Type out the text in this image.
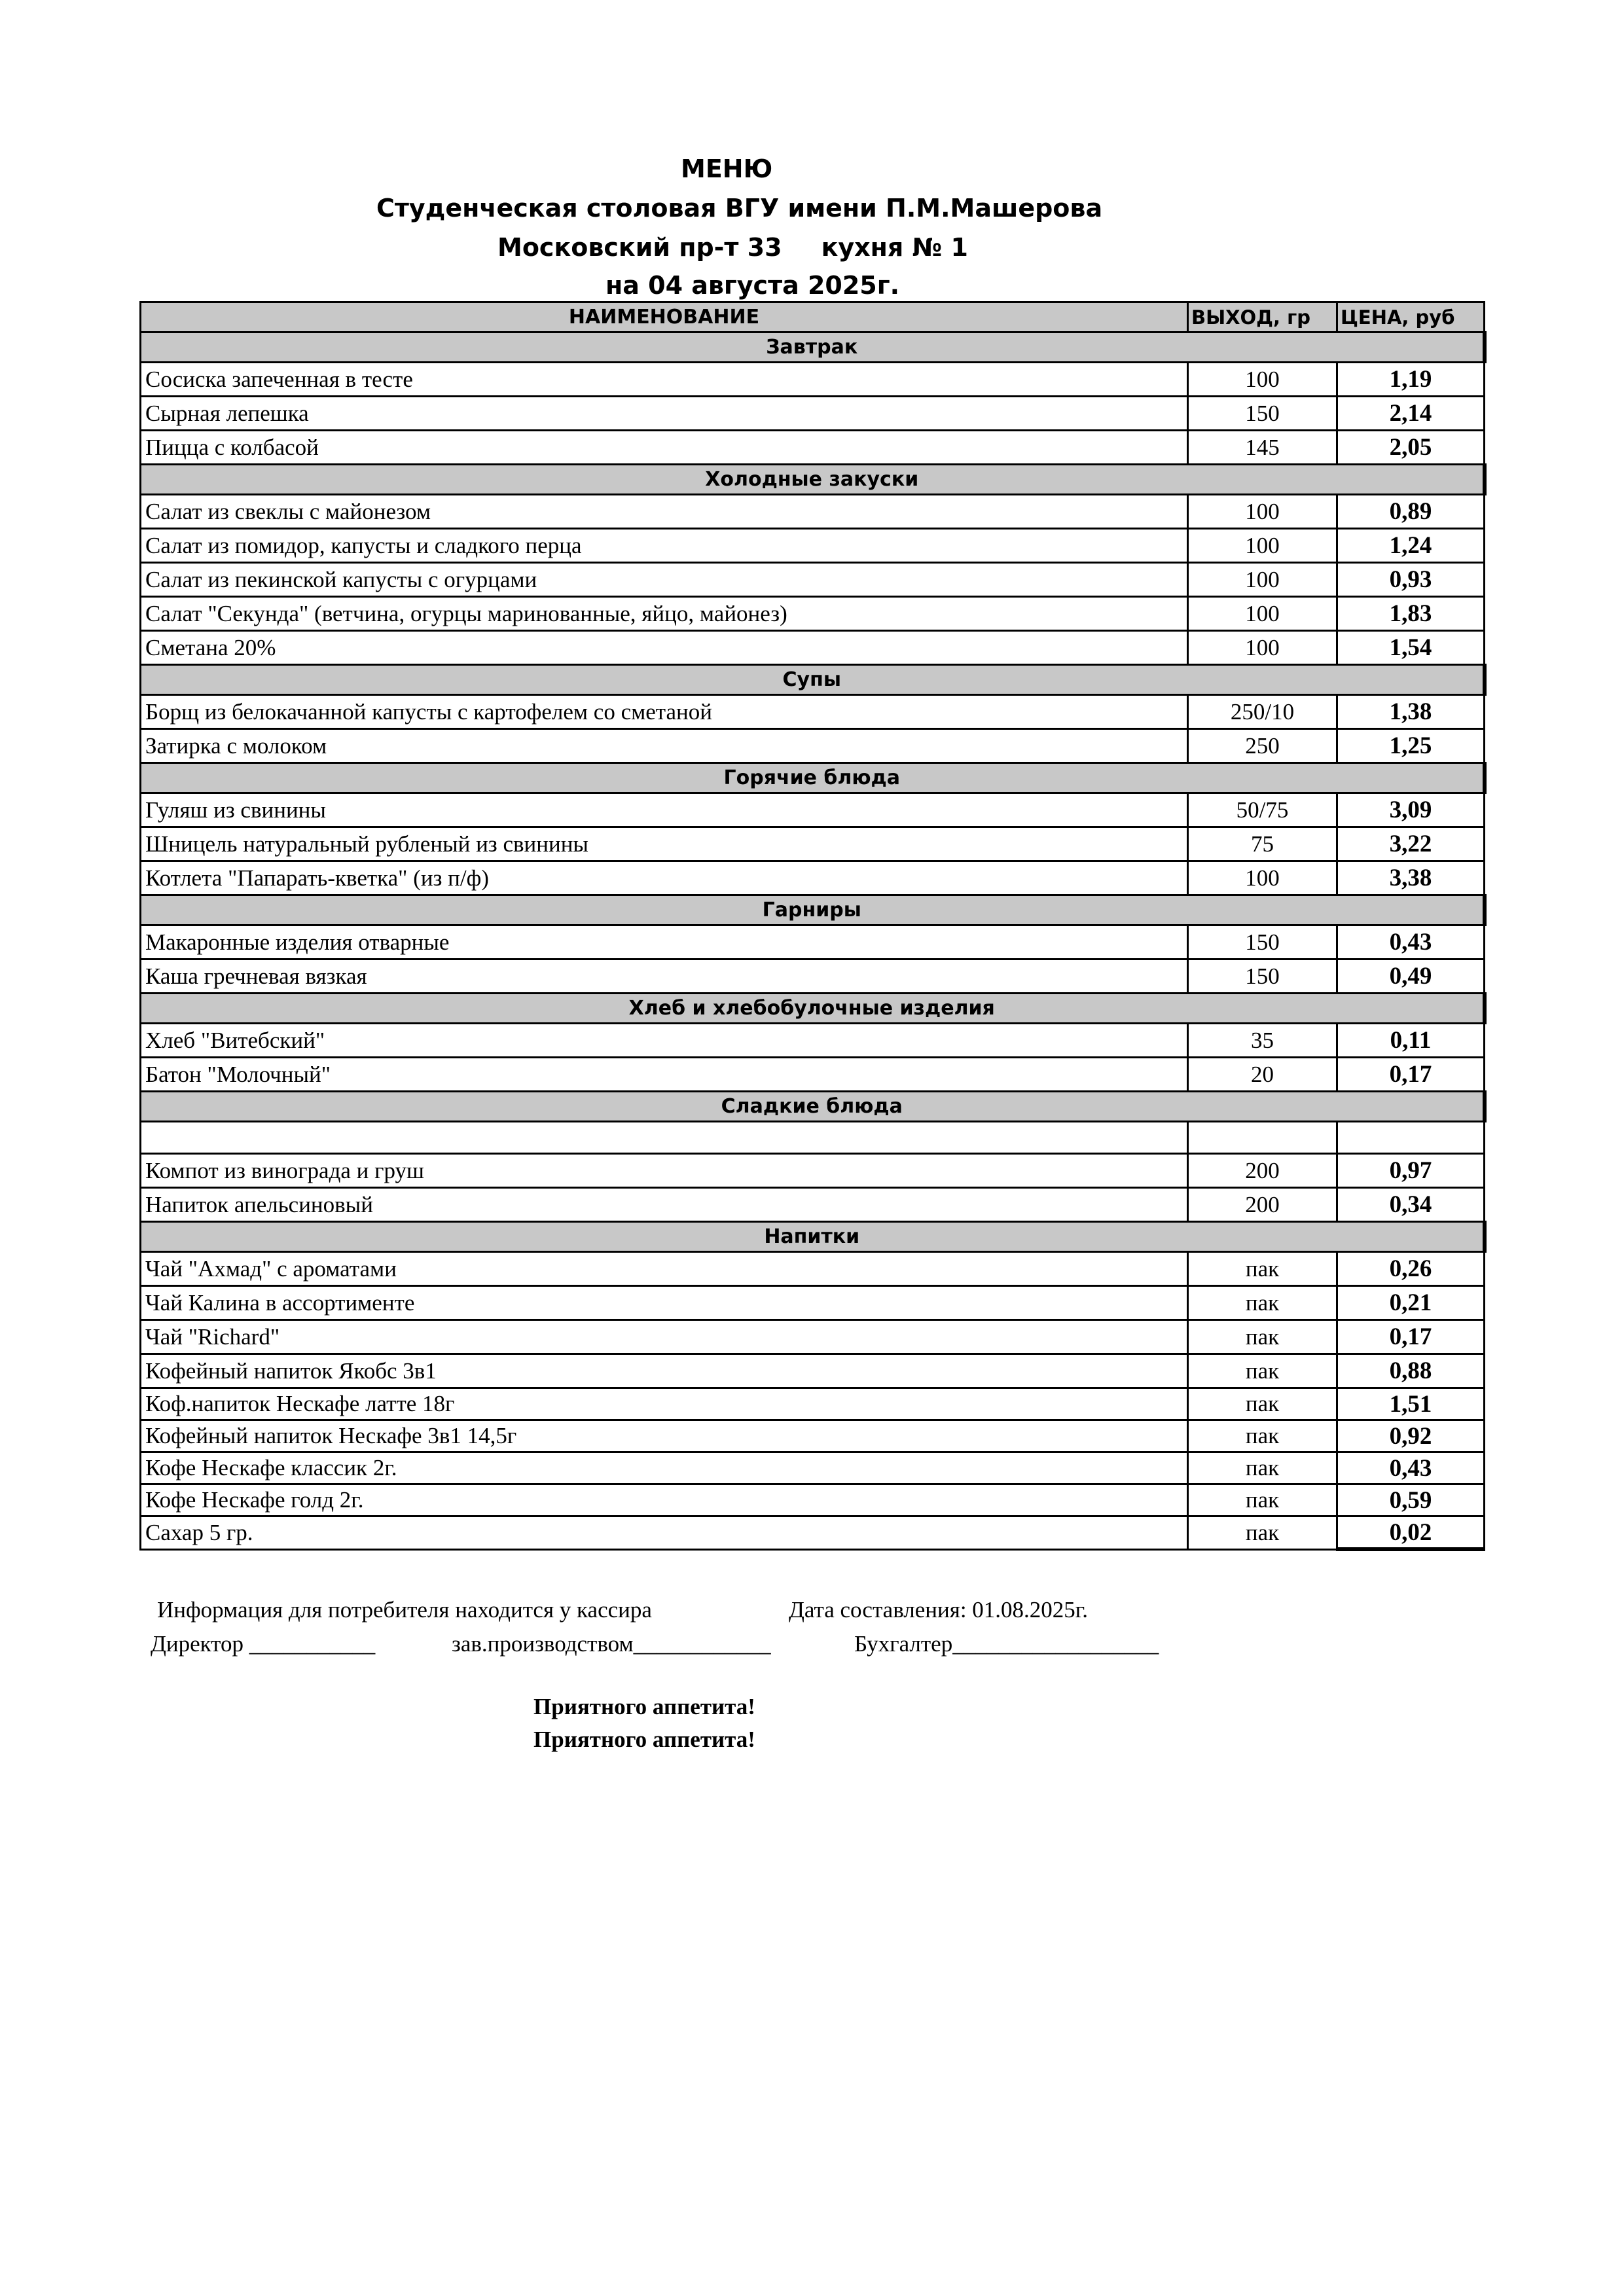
МЕНЮ
Студенческая столовая ВГУ имени П.М.Машерова
Московский пр-т 33 кухня № 1
на 04 августа 2025г.
НАИМЕНОВАНИЕ	ВЫХОД, гр	ЦЕНА, руб
Завтрак		
Сосиска запеченная в тесте	100	1,19
Сырная лепешка	150	2,14
Пицца с колбасой	145	2,05
Холодные закуски		
Салат из свеклы с майонезом	100	0,89
Салат из помидор, капусты и сладкого перца	100	1,24
Салат из пекинской капусты с огурцами	100	0,93
Салат "Секунда" (ветчина, огурцы маринованные, яйцо, майонез)	100	1,83
Сметана 20%	100	1,54
Супы		
Борщ из белокачанной капусты с картофелем со сметаной	250/10	1,38
Затирка с молоком	250	1,25
Горячие блюда		
Гуляш из свинины	50/75	3,09
Шницель натуральный рубленый из свинины	75	3,22
Котлета "Папарать-кветка" (из п/ф)	100	3,38
Гарниры		
Макаронные изделия отварные	150	0,43
Каша гречневая вязкая	150	0,49
Хлеб и хлебобулочные изделия		
Хлеб "Витебский"	35	0,11
Батон "Молочный"	20	0,17
Сладкие блюда		

Компот из винограда и груш	200	0,97
Напиток апельсиновый	200	0,34
Напитки		
Чай "Ахмад" с ароматами	пак	0,26
Чай Калина в ассортименте	пак	0,21
Чай "Richard"	пак	0,17
Кофейный напиток Якобс 3в1	пак	0,88
Коф.напиток Нескафе латте 18г	пак	1,51
Кофейный напиток Нескафе 3в1 14,5г	пак	0,92
Кофе Нескафе классик 2г.	пак	0,43
Кофе Нескафе голд 2г.	пак	0,59
Сахар 5 гр.	пак	0,02
Информация для потребителя находится у кассира	Дата составления: 01.08.2025г.
Директор ___________	зав.производством____________	Бухгалтер__________________
Приятного аппетита!
Приятного аппетита!
